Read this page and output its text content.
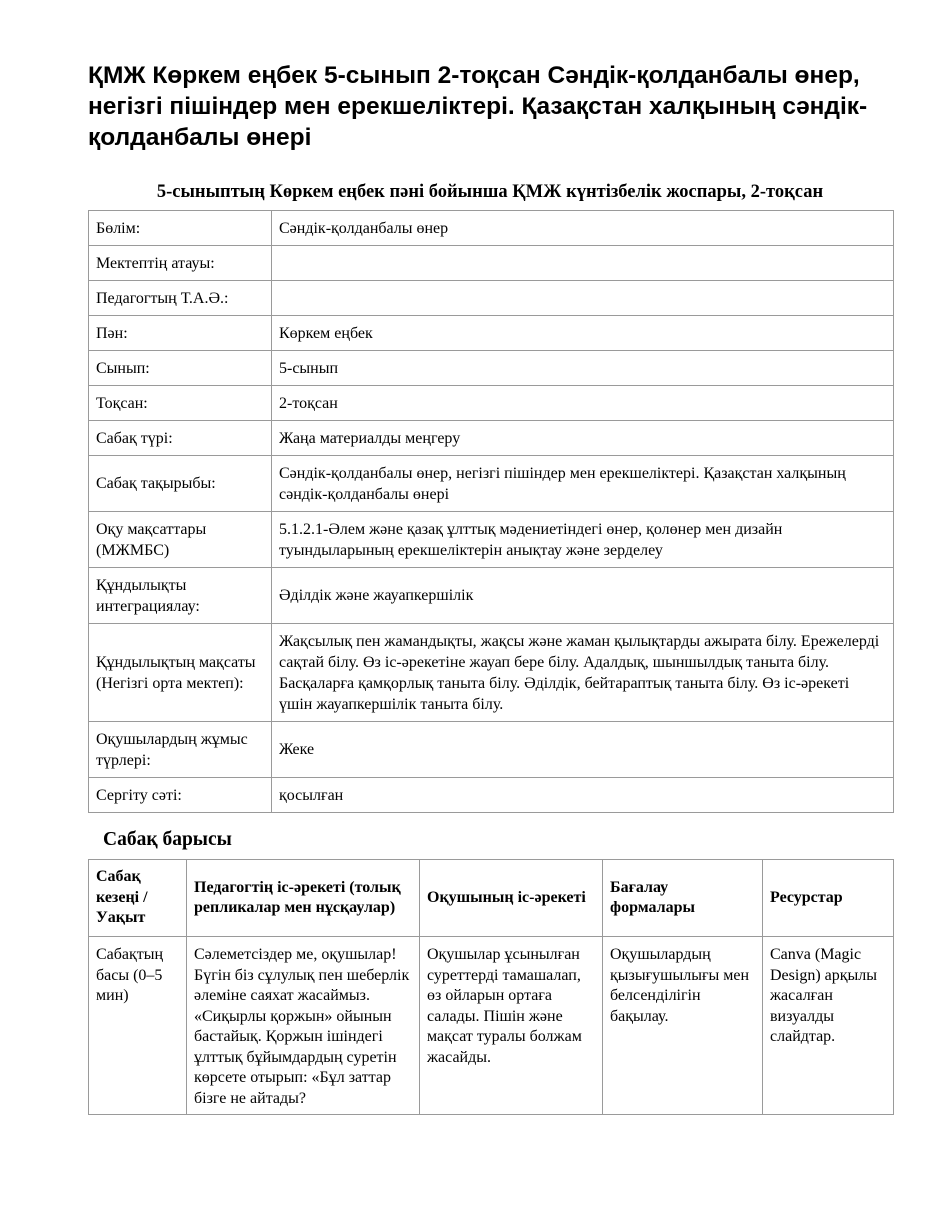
ҚМЖ Көркем еңбек 5-сынып 2-тоқсан Сәндік-қолданбалы өнер, негізгі пішіндер мен ерекшеліктері. Қазақстан халқының сәндік-қолданбалы өнері

5-сыныптың Көркем еңбек пәні бойынша ҚМЖ күнтізбелік жоспары, 2-тоқсан

Бөлім:	Сәндік-қолданбалы өнер
Мектептің атауы:	
Педагогтың Т.А.Ә.:	
Пән:	Көркем еңбек
Сынып:	5-сынып
Тоқсан:	2-тоқсан
Сабақ түрі:	Жаңа материалды меңгеру
Сабақ тақырыбы:	Сәндік-қолданбалы өнер, негізгі пішіндер мен ерекшеліктері. Қазақстан халқының сәндік-қолданбалы өнері
Оқу мақсаттары (МЖМБС)	5.1.2.1-Әлем және қазақ ұлттық мәдениетіндегі өнер, қолөнер мен дизайн туындыларының ерекшеліктерін анықтау және зерделеу
Құндылықты интеграциялау:	Әділдік және жауапкершілік
Құндылықтың мақсаты (Негізгі орта мектеп):	Жақсылық пен жамандықты, жақсы және жаман қылықтарды ажырата білу. Ережелерді сақтай білу. Өз іс-әрекетіне жауап бере білу. Адалдық, шыншылдық таныта білу. Басқаларға қамқорлық таныта білу. Әділдік, бейтараптық таныта білу. Өз іс-әрекеті үшін жауапкершілік таныта білу.
Оқушылардың жұмыс түрлері:	Жеке
Сергіту сәті:	қосылған
Сабақ барысы
Сабақ кезеңі / Уақыт	Педагогтің іс-әрекеті (толық репликалар мен нұсқаулар)	Оқушының іс-әрекеті	Бағалау формалары	Ресурстар
Сабақтың басы (0–5 мин)	Сәлеметсіздер ме, оқушылар! Бүгін біз сұлулық пен шеберлік әлеміне саяхат жасаймыз. «Сиқырлы қоржын» ойынын бастайық. Қоржын ішіндегі ұлттық бұйымдардың суретін көрсете отырып: «Бұл заттар бізге не айтады?	Оқушылар ұсынылған суреттерді тамашалап, өз ойларын ортаға салады. Пішін және мақсат туралы болжам жасайды.	Оқушылардың қызығушылығы мен белсенділігін бақылау.	Canva (Magic Design) арқылы жасалған визуалды слайдтар.
